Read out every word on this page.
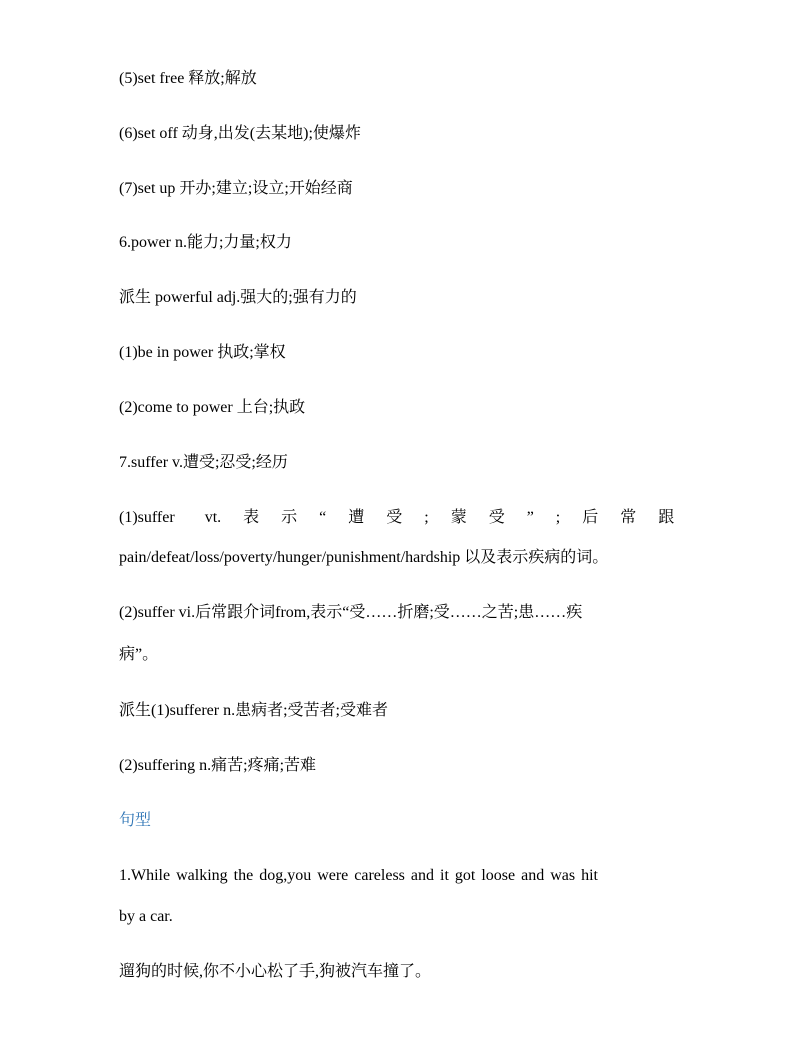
(5)set free 释放;解放

(6)set off 动身,出发(去某地);使爆炸

(7)set up 开办;建立;设立;开始经商

6.power n.能力;力量;权力

派生 powerful adj.强大的;强有力的

(1)be in power 执政;掌权

(2)come to power 上台;执政

7.suffer v.遭受;忍受;经历

(1)suffer vt. 表示“遭受;蒙受”;后常跟

pain/defeat/loss/poverty/hunger/punishment/hardship 以及表示疾病的词。

(2)suffer vi.后常跟介词from,表示“受……折磨;受……之苦;患……疾

病”。

派生(1)sufferer n.患病者;受苦者;受难者

(2)suffering n.痛苦;疼痛;苦难

句型

1.While walking the dog,you were careless and it got loose and was hit

by a car.

遛狗的时候,你不小心松了手,狗被汽车撞了。
